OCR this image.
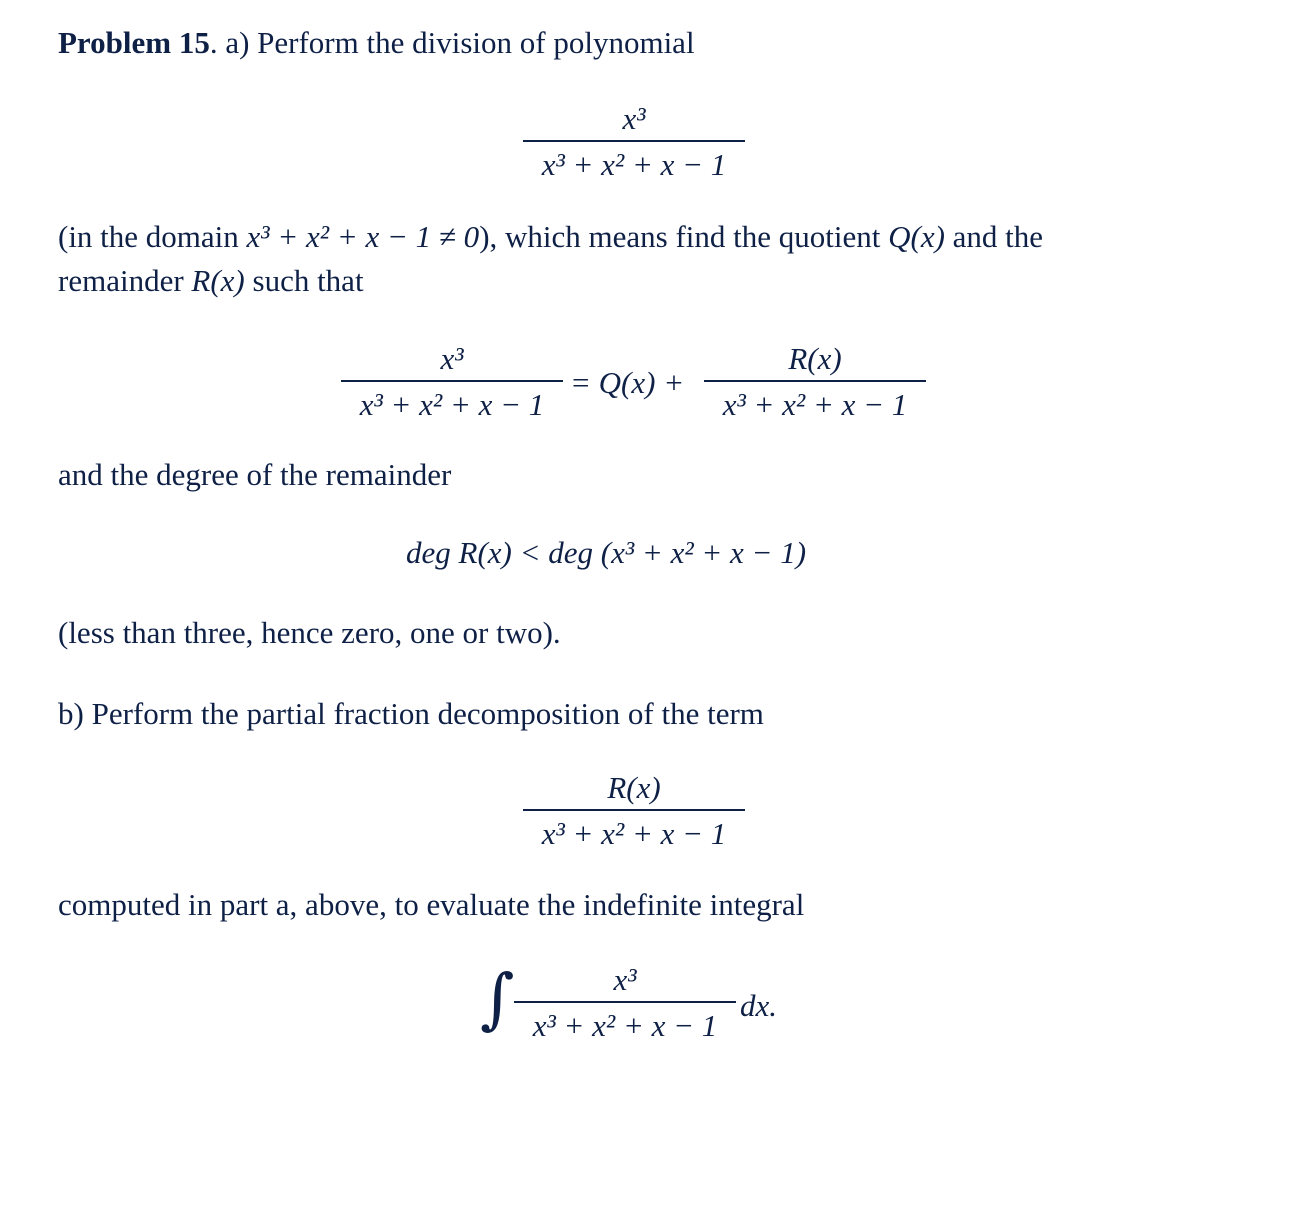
Problem 15. a) Perform the division of polynomial
x³
x³ + x² + x − 1
(in the domain x³ + x² + x − 1 ≠ 0), which means find the quotient Q(x) and the
remainder R(x) such that
x³
x³ + x² + x − 1
= Q(x) +
R(x)
x³ + x² + x − 1
and the degree of the remainder
deg R(x) < deg (x³ + x² + x − 1)
(less than three, hence zero, one or two).
b) Perform the partial fraction decomposition of the term
R(x)
x³ + x² + x − 1
computed in part a, above, to evaluate the indefinite integral
∫	x³
x³ + x² + x − 1
dx.
